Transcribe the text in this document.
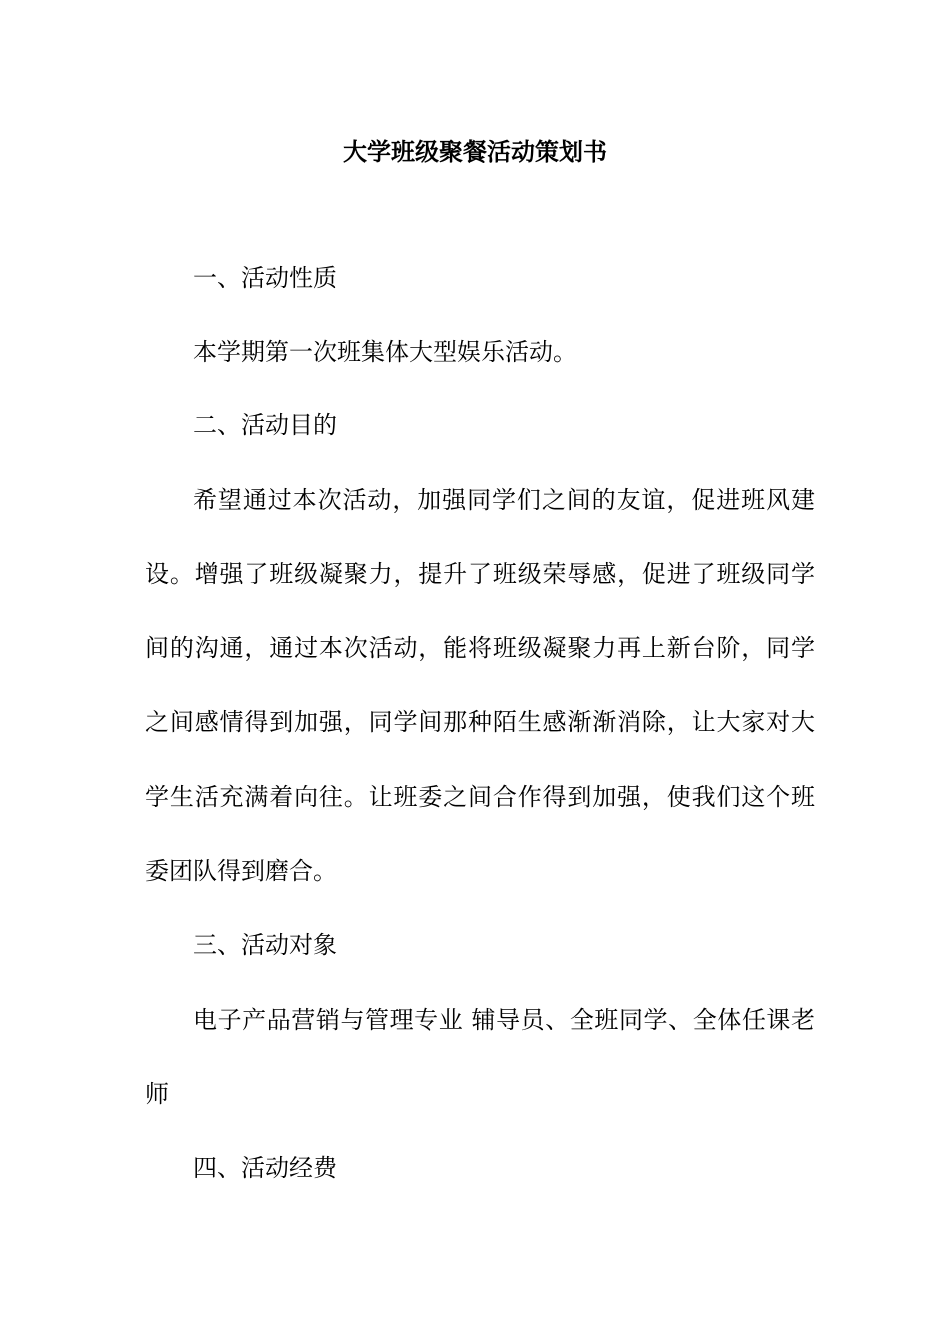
大学班级聚餐活动策划书

一、活动性质

本学期第一次班集体大型娱乐活动。

二、活动目的

希望通过本次活动，加强同学们之间的友谊，促进班风建

设。增强了班级凝聚力，提升了班级荣辱感，促进了班级同学

间的沟通，通过本次活动，能将班级凝聚力再上新台阶，同学

之间感情得到加强，同学间那种陌生感渐渐消除，让大家对大

学生活充满着向往。让班委之间合作得到加强，使我们这个班

委团队得到磨合。

三、活动对象

电子产品营销与管理专业 辅导员、全班同学、全体任课老

师

四、活动经费
